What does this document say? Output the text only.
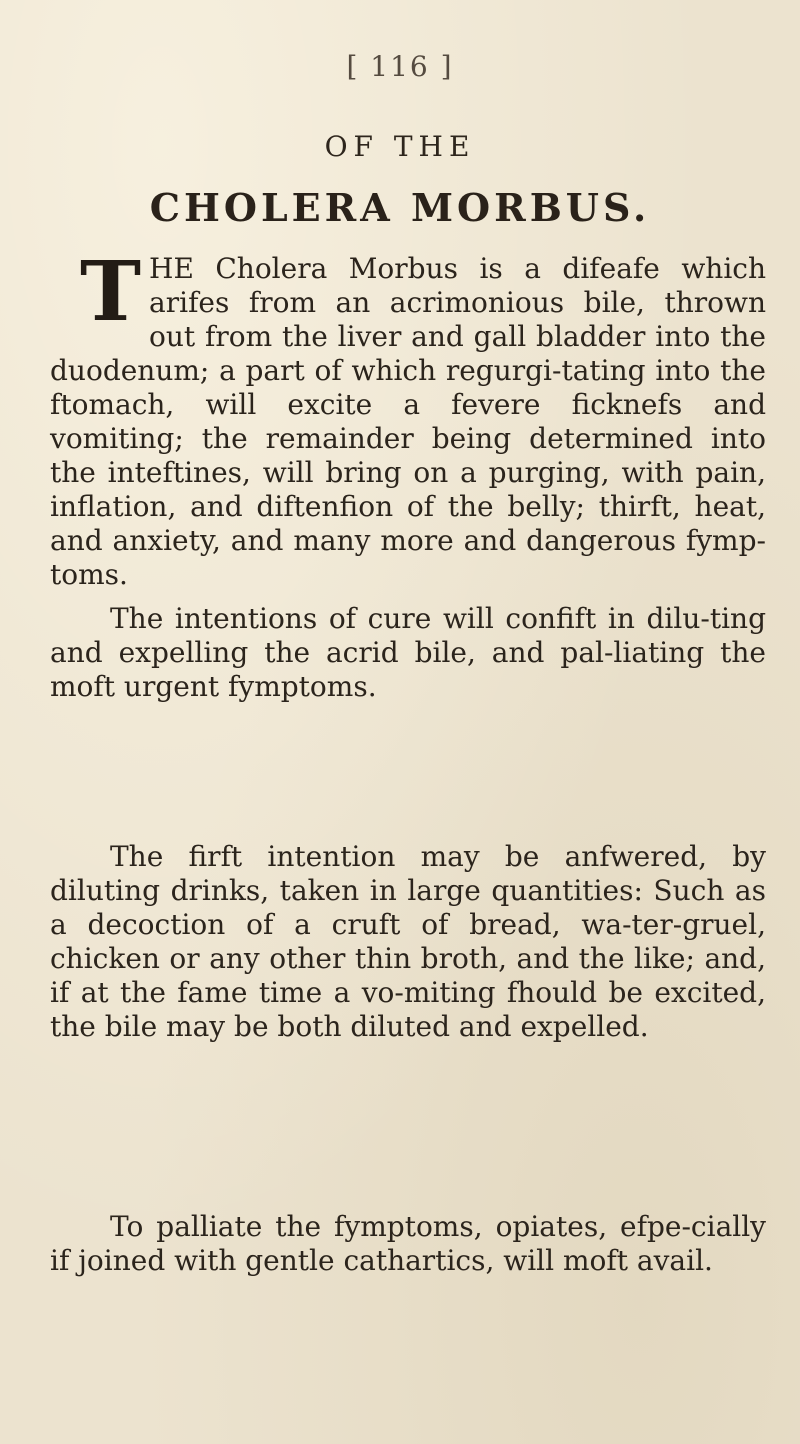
[ 116 ]
OF THE
CHOLERA MORBUS.

THE Cholera Morbus is a difeafe which arifes from an acrimonious bile, thrown out from the liver and gall bladder into the duodenum; a part of which regurgi-tating into the ftomach, will excite a fevere ficknefs and vomiting; the remainder being determined into the inteftines, will bring on a purging, with pain, inflation, and diftenfion of the belly; thirft, heat, and anxiety, and many more and dangerous fymp-toms.

The intentions of cure will confift in dilu-ting and expelling the acrid bile, and pal-liating the moft urgent fymptoms.

The firft intention may be anfwered, by diluting drinks, taken in large quantities: Such as a decoction of a cruft of bread, wa-ter-gruel, chicken or any other thin broth, and the like; and, if at the fame time a vo-miting fhould be excited, the bile may be both diluted and expelled.

To palliate the fymptoms, opiates, efpe-cially if joined with gentle cathartics, will moft avail.
